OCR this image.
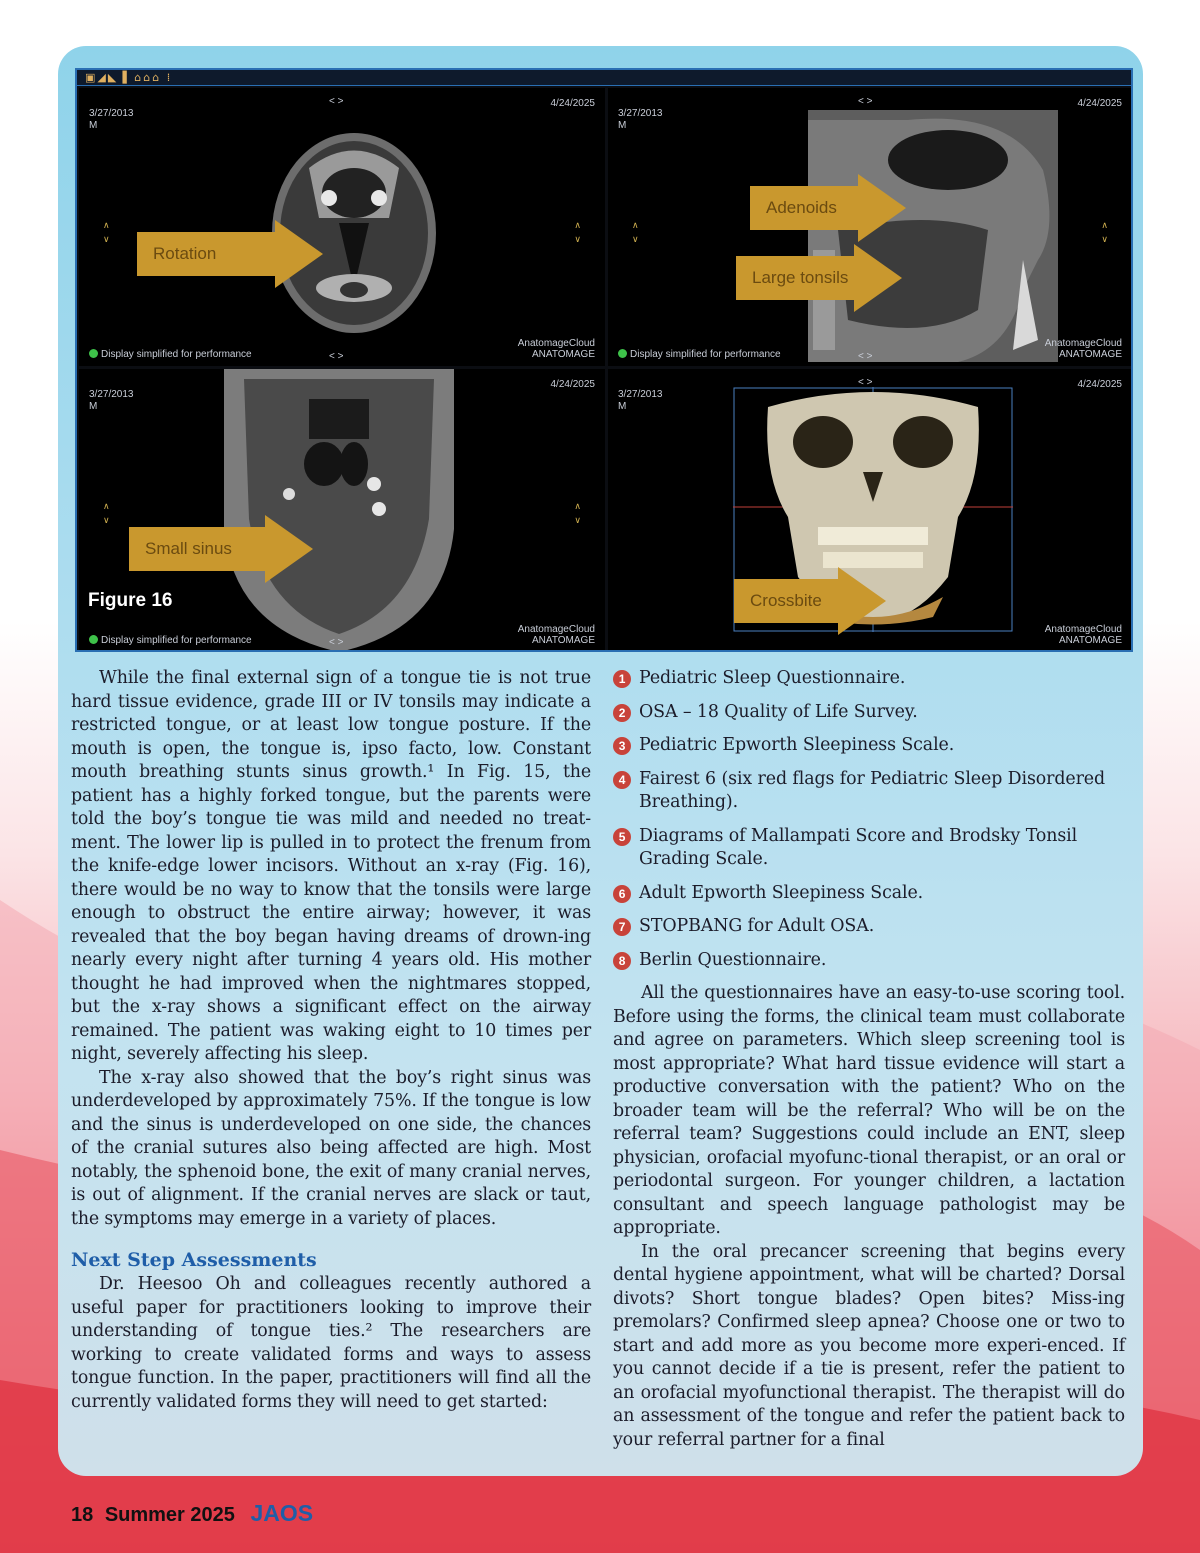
▣◢◣▐ ⌂⌂⌂ ⁞
< >
3/27/2013
M
4/24/2025
∧
∨
∧
∨
Rotation
Display simplified for performance	< >
AnatomageCloud
ANATOMAGE
< >
3/27/2013
M
4/24/2025
∧
∨
∧
∨
Adenoids
Large tonsils
Display simplified for performance	< >
AnatomageCloud
ANATOMAGE
3/27/2013
M
4/24/2025
∧
∨
∧
∨
Small sinus
Display simplified for performance	< >
AnatomageCloud
ANATOMAGE
< >
3/27/2013
M
4/24/2025
Crossbite
AnatomageCloud
ANATOMAGE
Figure 16

While the final external sign of a tongue tie is not true hard tissue evidence, grade III or IV tonsils may indicate a restricted tongue, or at least low tongue posture. If the mouth is open, the tongue is, ipso facto, low. Constant mouth breathing stunts sinus growth.¹ In Fig. 15, the patient has a highly forked tongue, but the parents were told the boy’s tongue tie was mild and needed no treat-ment. The lower lip is pulled in to protect the frenum from the knife-edge lower incisors. Without an x-ray (Fig. 16), there would be no way to know that the tonsils were large enough to obstruct the entire airway; however, it was revealed that the boy began having dreams of drown-ing nearly every night after turning 4 years old. His mother thought he had improved when the nightmares stopped, but the x-ray shows a significant effect on the airway remained. The patient was waking eight to 10 times per night, severely affecting his sleep.

The x-ray also showed that the boy’s right sinus was underdeveloped by approximately 75%. If the tongue is low and the sinus is underdeveloped on one side, the chances of the cranial sutures also being affected are high. Most notably, the sphenoid bone, the exit of many cranial nerves, is out of alignment. If the cranial nerves are slack or taut, the symptoms may emerge in a variety of places.

Next Step Assessments

Dr. Heesoo Oh and colleagues recently authored a useful paper for practitioners looking to improve their understanding of tongue ties.² The researchers are working to create validated forms and ways to assess tongue function. In the paper, practitioners will find all the currently validated forms they will need to get started:

1 Pediatric Sleep Questionnaire.
2 OSA – 18 Quality of Life Survey.
3 Pediatric Epworth Sleepiness Scale.
4 Fairest 6 (six red flags for Pediatric Sleep Disordered Breathing).
5 Diagrams of Mallampati Score and Brodsky Tonsil Grading Scale.
6 Adult Epworth Sleepiness Scale.
7 STOPBANG for Adult OSA.
8 Berlin Questionnaire.

All the questionnaires have an easy-to-use scoring tool. Before using the forms, the clinical team must collaborate and agree on parameters. Which sleep screening tool is most appropriate? What hard tissue evidence will start a productive conversation with the patient? Who on the broader team will be the referral? Who will be on the referral team? Suggestions could include an ENT, sleep physician, orofacial myofunc-tional therapist, or an oral or periodontal surgeon. For younger children, a lactation consultant and speech language pathologist may be appropriate.

In the oral precancer screening that begins every dental hygiene appointment, what will be charted? Dorsal divots? Short tongue blades? Open bites? Miss-ing premolars? Confirmed sleep apnea? Choose one or two to start and add more as you become more experi-enced. If you cannot decide if a tie is present, refer the patient to an orofacial myofunctional therapist. The therapist will do an assessment of the tongue and refer the patient back to your referral partner for a final

18 Summer 2025 JAOS
